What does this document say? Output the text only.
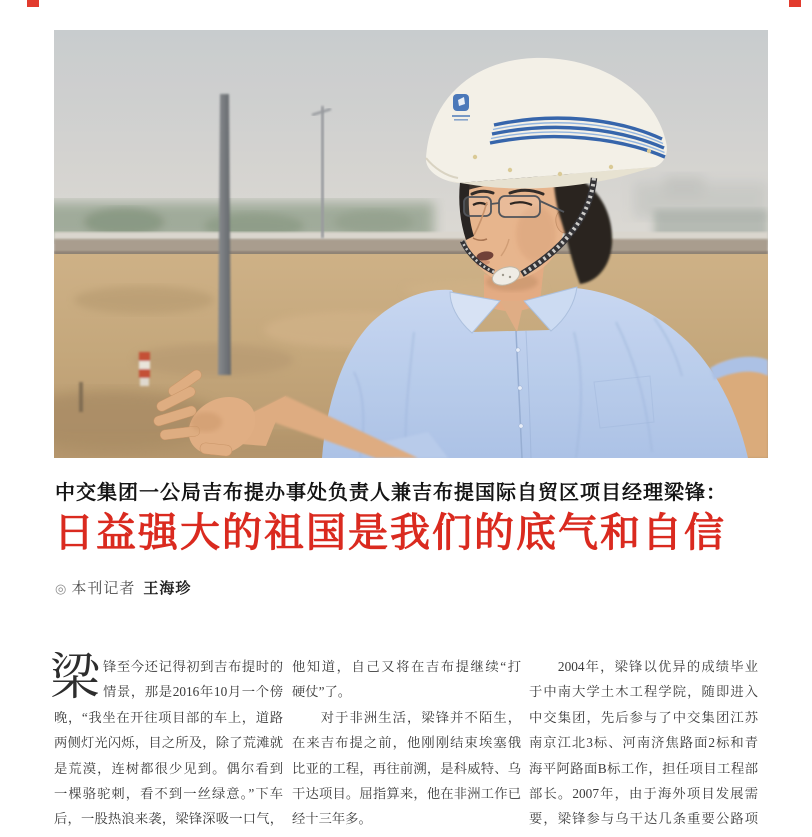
中交集团一公局吉布提办事处负责人兼吉布提国际自贸区项目经理梁锋：
日益强大的祖国是我们的底气和自信
◎ 本刊记者 王海珍
梁 锋至今还记得初到吉布提时的
情景，那是2016年10月一个傍
晚，“我坐在开往项目部的车上，道路
两侧灯光闪烁，目之所及，除了荒滩就
是荒漠，连树都很少见到。偶尔看到
一棵骆驼刺，看不到一丝绿意。”下车
后，一股热浪来袭，梁锋深吸一口气，
他知道，自己又将在吉布提继续“打
硬仗”了。
　　对于非洲生活，梁锋并不陌生，
在来吉布提之前，他刚刚结束埃塞俄
比亚的工程，再往前溯，是科威特、乌
干达项目。屈指算来，他在非洲工作已
经十三年多。
　　2004年，梁锋以优异的成绩毕业
于中南大学土木工程学院，随即进入
中交集团，先后参与了中交集团江苏
南京江北3标、河南济焦路面2标和青
海平阿路面B标工作，担任项目工程部
部长。2007年，由于海外项目发展需
要，梁锋参与乌干达几条重要公路项
